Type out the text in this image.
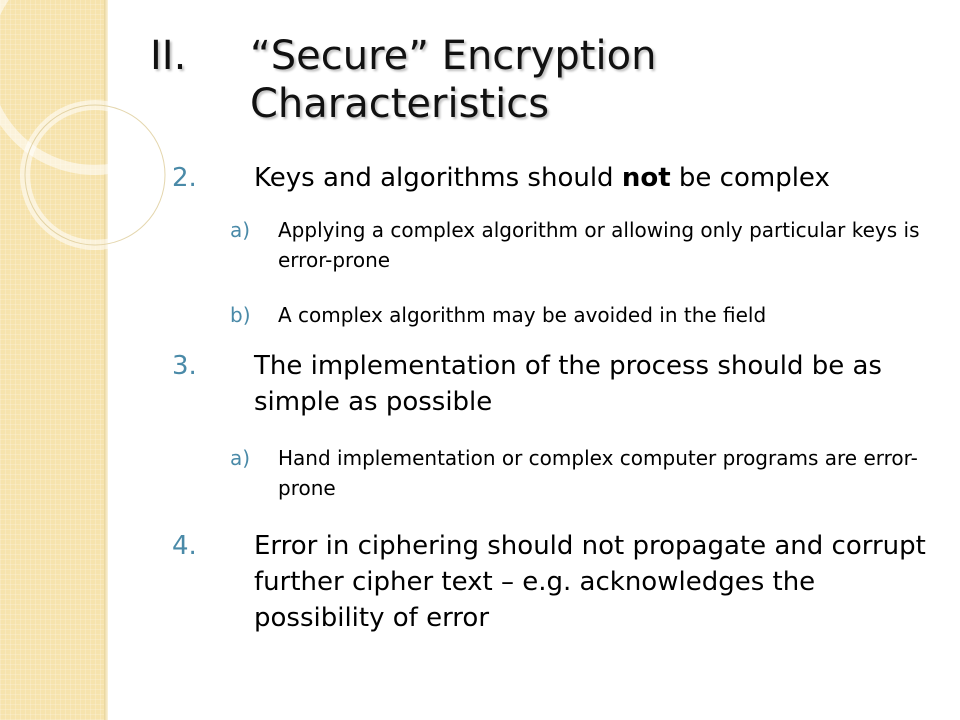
II.	“Secure” Encryption Characteristics
2.	Keys and algorithms should not be complex
a)	Applying a complex algorithm or allowing only particular keys is error-prone
b)	A complex algorithm may be avoided in the field
3.	The implementation of the process should be as simple as possible
a)	Hand implementation or complex computer programs are error-prone
4.	Error in ciphering should not propagate and corrupt further cipher text – e.g. acknowledges the possibility of error
